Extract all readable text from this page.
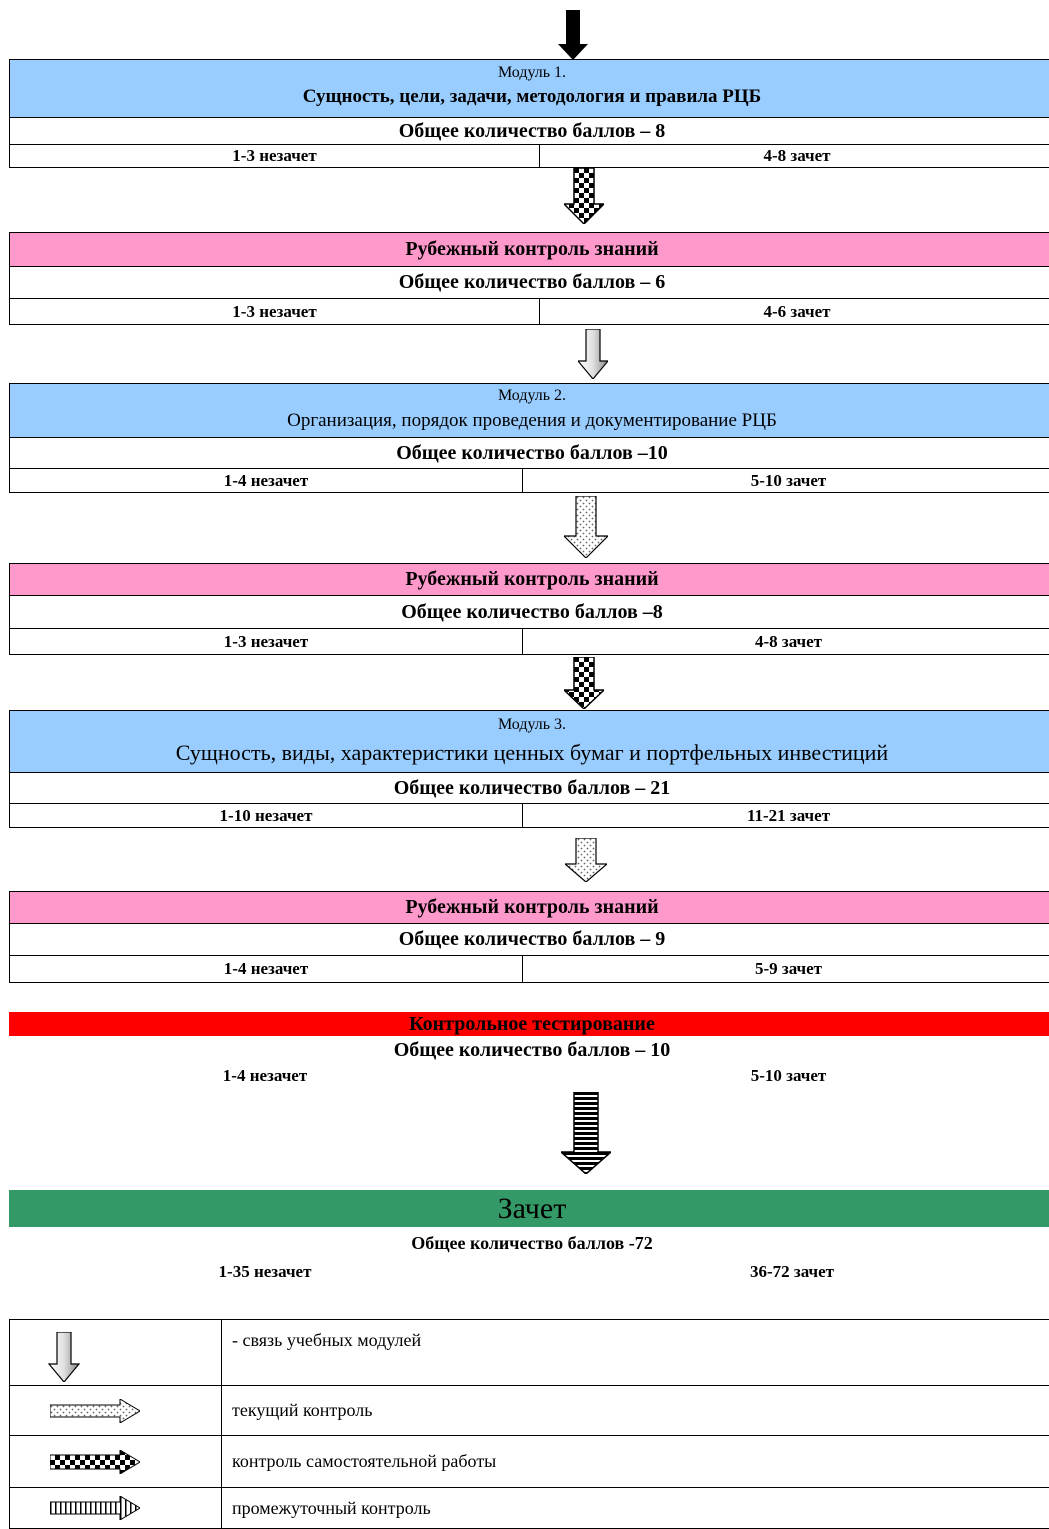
Модуль 1.
Сущность, цели, задачи, методология и правила РЦБ
Общее количество баллов – 8
1-3 незачет	4-8 зачет
Рубежный контроль знаний
Общее количество баллов – 6
1-3 незачет	4-6 зачет
Модуль 2.
Организация, порядок проведения и документирование РЦБ
Общее количество баллов –10
1-4 незачет	5-10 зачет
Рубежный контроль знаний
Общее количество баллов –8
1-3 незачет	4-8 зачет
Модуль 3.
Сущность, виды, характеристики ценных бумаг и портфельных инвестиций
Общее количество баллов – 21
1-10 незачет	11-21 зачет
Рубежный контроль знаний
Общее количество баллов – 9
1-4 незачет	5-9 зачет
Контрольное тестирование
Общее количество баллов – 10
1-4 незачет	5-10 зачет
Зачет
Общее количество баллов -72
1-35 незачет	36-72 зачет
	- связь учебных модулей

	текущий контроль

	контроль самостоятельной работы

	промежуточный контроль
